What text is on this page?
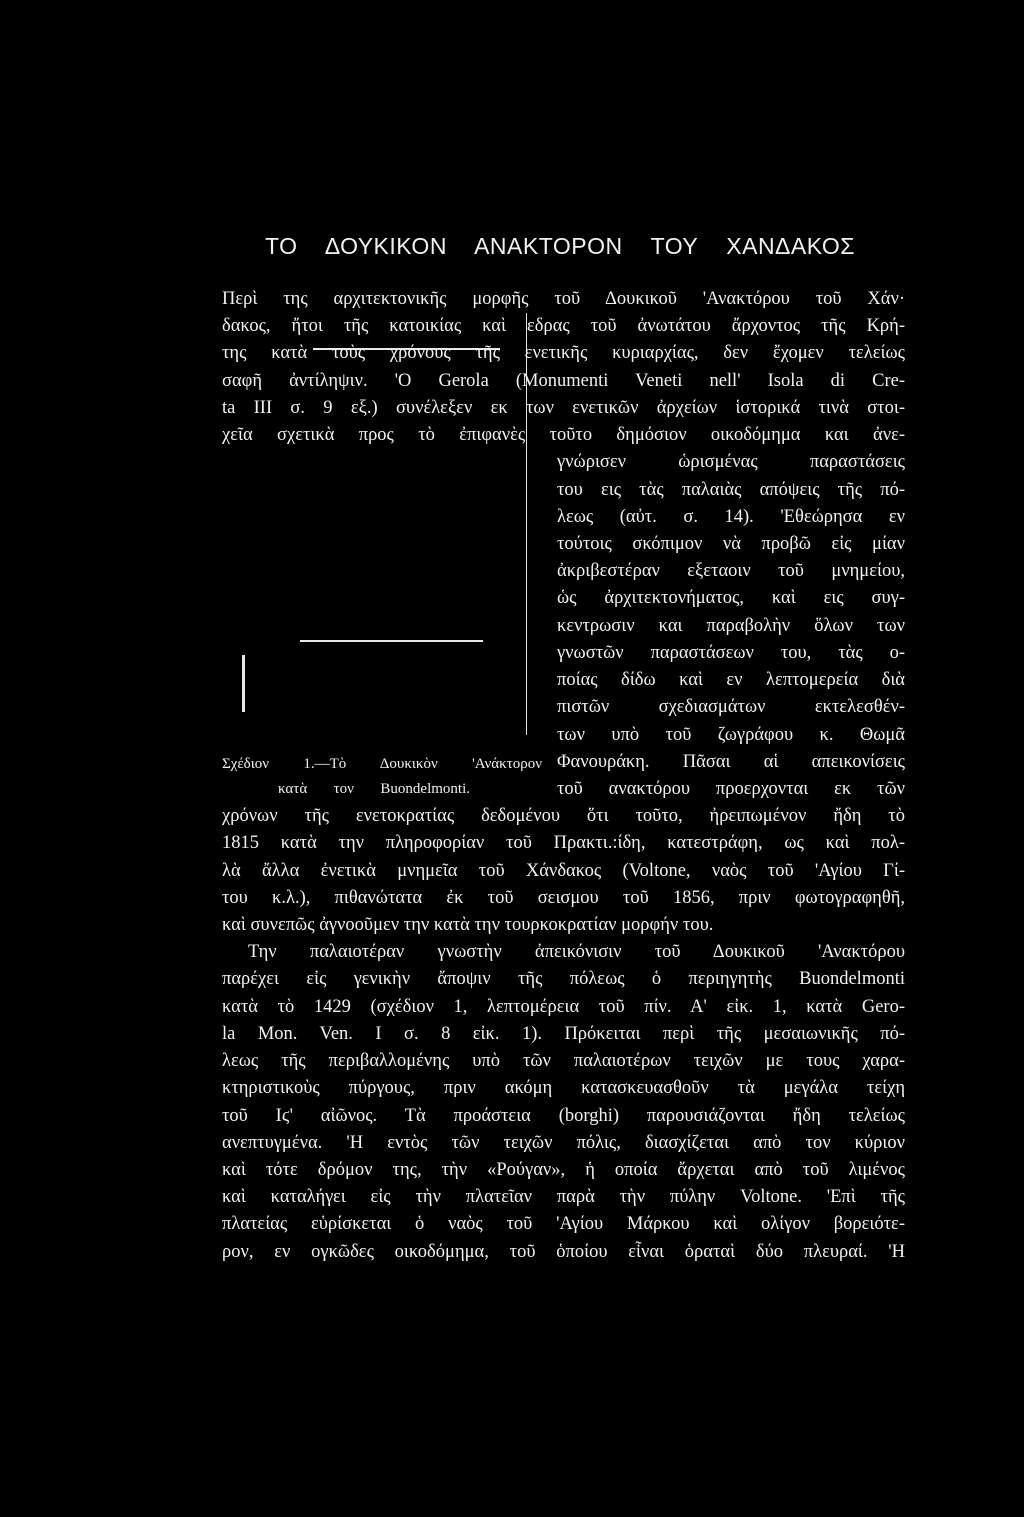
ΤΟ ΔΟΥΚΙΚΟΝ ΑΝΑΚΤΟΡΟΝ ΤΟΥ ΧΑΝΔΑΚΟΣ
Σχέδιον 1.—Τὸ Δουκικὸν 'Ανάκτορον
κατὰ τον Buondelmonti.
Περὶ της αρχιτεκτονικῆς μορφῆς τοῦ Δουκικοῦ 'Ανακτόρου τοῦ Χάν·
δακος, ἤτοι τῆς κατοικίας καὶ εδρας τοῦ ἀνωτάτου ἄρχοντος τῆς Κρή-
της κατὰ τοὺς χρόνους τῆς ενετικῆς κυριαρχίας, δεν ἔχομεν τελείως
σαφῆ ἀντίληψιν. 'Ο Gerola (Monumenti Veneti nell' Isola di Cre-
ta III σ. 9 εξ.) συνέλεξεν εκ των ενετικῶν ἀρχείων ἱστορικά τινὰ στοι-
χεῖα σχετικὰ προς τὸ ἐπιφανὲς τοῦτο δημόσιον οικοδόμημα και ἀνε-
γνώρισεν ὡρισμένας παραστάσεις
του εις τὰς παλαιὰς απόψεις τῆς πό-
λεως (αὐτ. σ. 14). 'Εθεώρησα εν
τούτοις σκόπιμον νὰ προβῶ εἰς μίαν
ἀκριβεστέραν εξεταοιν τοῦ μνημείου,
ὡς ἀρχιτεκτονήματος, καὶ εις συγ-
κεντρωσιν και παραβολὴν ὅλων των
γνωστῶν παραστάσεων του, τὰς ο-
ποίας δίδω καὶ εν λεπτομερεία διὰ
πιστῶν σχεδιασμάτων εκτελεσθέν-
των υπὸ τοῦ ζωγράφου κ. Θωμᾶ
Φανουράκη. Πᾶσαι αἱ απεικονίσεις
τοῦ ανακτόρου προερχονται εκ τῶν
χρόνων τῆς ενετοκρατίας δεδομένου ὅτι τοῦτο, ἠρειπωμένον ἤδη τὸ
1815 κατὰ την πληροφορίαν τοῦ Πρακτι.:ίδη, κατεστράφη, ως καὶ πολ-
λὰ ἄλλα ἐνετικὰ μνημεῖα τοῦ Χάνδακος (Voltone, ναὸς τοῦ 'Αγίου Γί-
του κ.λ.), πιθανώτατα ἐκ τοῦ σεισμου τοῦ 1856, πριν φωτογραφηθῆ,
καὶ συνεπῶς ἀγνοοῦμεν την κατὰ την τουρκοκρατίαν μορφήν του.
Την παλαιοτέραν γνωστὴν ἀπεικόνισιν τοῦ Δουκικοῦ 'Ανακτόρου
παρέχει εἰς γενικὴν ἄποψιν τῆς πόλεως ὁ περιηγητὴς Buondelmonti
κατὰ τὸ 1429 (σχέδιον 1, λεπτομέρεια τοῦ πίν. Α' εἰκ. 1, κατὰ Gero-
la Mon. Ven. I σ. 8 εἰκ. 1). Πρόκειται περὶ τῆς μεσαιωνικῆς πό-
λεως τῆς περιβαλλομένης υπὸ τῶν παλαιοτέρων τειχῶν με τους χαρα-
κτηριστικοὺς πύργους, πριν ακόμη κατασκευασθοῦν τὰ μεγάλα τείχη
τοῦ Ιϛ' αἰῶνος. Τὰ προάστεια (borghi) παρουσιάζονται ἤδη τελείως
ανεπτυγμένα. 'Η εντὸς τῶν τειχῶν πόλις, διασχίζεται απὸ τον κύριον
καὶ τότε δρόμον της, τὴν «Ρούγαν», ἡ οποία ἄρχεται απὸ τοῦ λιμένος
καὶ καταλήγει εἰς τὴν πλατεῖαν παρὰ τὴν πύλην Voltone. 'Επὶ τῆς
πλατείας εὑρίσκεται ὁ ναὸς τοῦ 'Αγίου Μάρκου καὶ ολίγον βορειότε-
ρον, εν ογκῶδες οικοδόμημα, τοῦ ὁποίου εἶναι ὁραταὶ δύο πλευραί. 'Η
